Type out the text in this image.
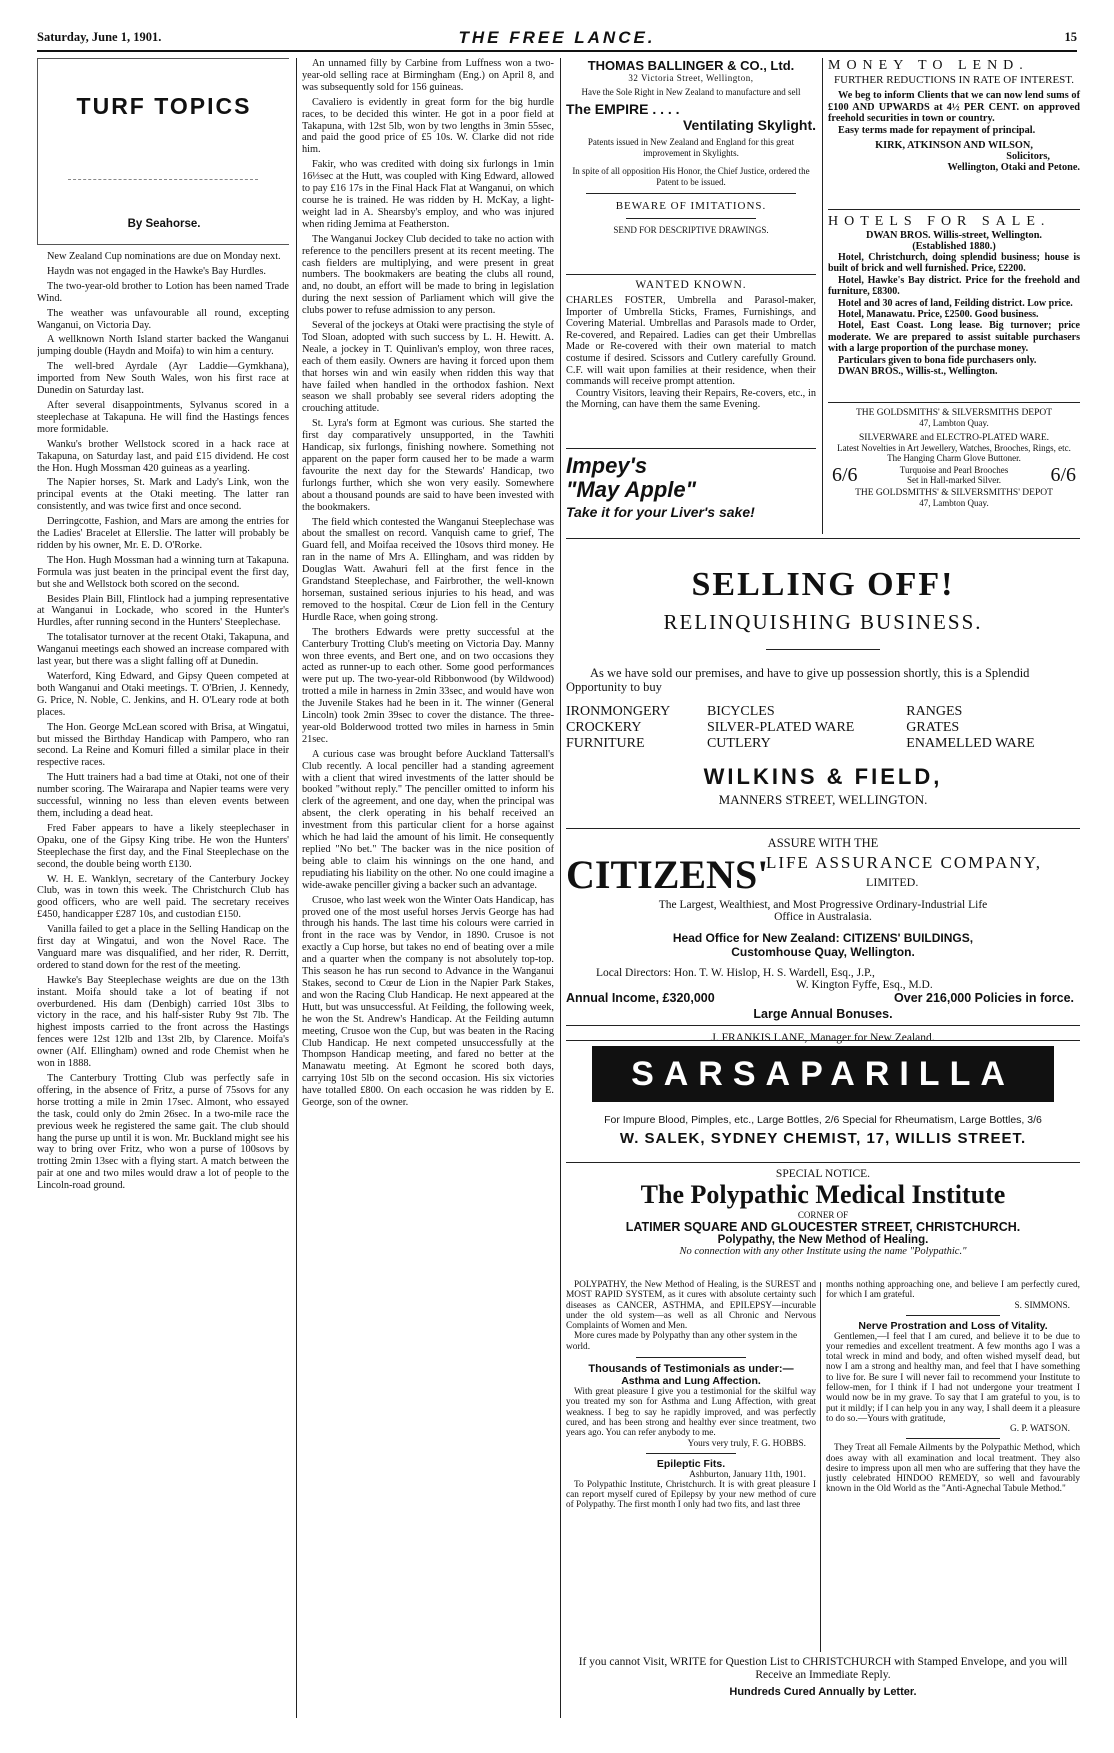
Saturday, June 1, 1901.	THE FREE LANCE.	15
TURF TOPICS
By Seahorse.

New Zealand Cup nominations are due on Monday next.

Haydn was not engaged in the Hawke's Bay Hurdles.

The two-year-old brother to Lotion has been named Trade Wind.

The weather was unfavourable all round, excepting Wanganui, on Victoria Day.

A wellknown North Island starter backed the Wanganui jumping double (Haydn and Moifa) to win him a century.

The well-bred Ayrdale (Ayr Laddie—Gymkhana), imported from New South Wales, won his first race at Dunedin on Saturday last.

After several disappointments, Sylvanus scored in a steeplechase at Takapuna. He will find the Hastings fences more formidable.

Wanku's brother Wellstock scored in a hack race at Takapuna, on Saturday last, and paid £15 dividend. He cost the Hon. Hugh Mossman 420 guineas as a yearling.

The Napier horses, St. Mark and Lady's Link, won the principal events at the Otaki meeting. The latter ran consistently, and was twice first and once second.

Derringcotte, Fashion, and Mars are among the entries for the Ladies' Bracelet at Ellerslie. The latter will probably be ridden by his owner, Mr. E. D. O'Rorke.

The Hon. Hugh Mossman had a winning turn at Takapuna. Formula was just beaten in the principal event the first day, but she and Wellstock both scored on the second.

Besides Plain Bill, Flintlock had a jumping representative at Wanganui in Lockade, who scored in the Hunter's Hurdles, after running second in the Hunters' Steeplechase.

The totalisator turnover at the recent Otaki, Takapuna, and Wanganui meetings each showed an increase compared with last year, but there was a slight falling off at Dunedin.

Waterford, King Edward, and Gipsy Queen competed at both Wanganui and Otaki meetings. T. O'Brien, J. Kennedy, G. Price, N. Noble, C. Jenkins, and H. O'Leary rode at both places.

The Hon. George McLean scored with Brisa, at Wingatui, but missed the Birthday Handicap with Pampero, who ran second. La Reine and Komuri filled a similar place in their respective races.

The Hutt trainers had a bad time at Otaki, not one of their number scoring. The Wairarapa and Napier teams were very successful, winning no less than eleven events between them, including a dead heat.

Fred Faber appears to have a likely steeplechaser in Opaku, one of the Gipsy King tribe. He won the Hunters' Steeplechase the first day, and the Final Steeplechase on the second, the double being worth £130.

W. H. E. Wanklyn, secretary of the Canterbury Jockey Club, was in town this week. The Christchurch Club has good officers, who are well paid. The secretary receives £450, handicapper £287 10s, and custodian £150.

Vanilla failed to get a place in the Selling Handicap on the first day at Wingatui, and won the Novel Race. The Vanguard mare was disqualified, and her rider, R. Derritt, ordered to stand down for the rest of the meeting.

Hawke's Bay Steeplechase weights are due on the 13th instant. Moifa should take a lot of beating if not overburdened. His dam (Denbigh) carried 10st 3lbs to victory in the race, and his half-sister Ruby 9st 7lb. The highest imposts carried to the front across the Hastings fences were 12st 12lb and 13st 2lb, by Clarence. Moifa's owner (Alf. Ellingham) owned and rode Chemist when he won in 1888.

The Canterbury Trotting Club was perfectly safe in offering, in the absence of Fritz, a purse of 75sovs for any horse trotting a mile in 2min 17sec. Almont, who essayed the task, could only do 2min 26sec. In a two-mile race the previous week he registered the same gait. The club should hang the purse up until it is won. Mr. Buckland might see his way to bring over Fritz, who won a purse of 100sovs by trotting 2min 13sec with a flying start. A match between the pair at one and two miles would draw a lot of people to the Lincoln-road ground.

An unnamed filly by Carbine from Luffness won a two-year-old selling race at Birmingham (Eng.) on April 8, and was subsequently sold for 156 guineas.

Cavaliero is evidently in great form for the big hurdle races, to be decided this winter. He got in a poor field at Takapuna, with 12st 5lb, won by two lengths in 3min 55sec, and paid the good price of £5 10s. W. Clarke did not ride him.

Fakir, who was credited with doing six furlongs in 1min 16⅓sec at the Hutt, was coupled with King Edward, allowed to pay £16 17s in the Final Hack Flat at Wanganui, on which course he is trained. He was ridden by H. McKay, a light-weight lad in A. Shearsby's employ, and who was injured when riding Jemima at Featherston.

The Wanganui Jockey Club decided to take no action with reference to the pencillers present at its recent meeting. The cash fielders are multiplying, and were present in great numbers. The bookmakers are beating the clubs all round, and, no doubt, an effort will be made to bring in legislation during the next session of Parliament which will give the clubs power to refuse admission to any person.

Several of the jockeys at Otaki were practising the style of Tod Sloan, adopted with such success by L. H. Hewitt. A. Neale, a jockey in T. Quinlivan's employ, won three races, each of them easily. Owners are having it forced upon them that horses win and win easily when ridden this way that have failed when handled in the orthodox fashion. Next season we shall probably see several riders adopting the crouching attitude.

St. Lyra's form at Egmont was curious. She started the first day comparatively unsupported, in the Tawhiti Handicap, six furlongs, finishing nowhere. Something not apparent on the paper form caused her to be made a warm favourite the next day for the Stewards' Handicap, two furlongs further, which she won very easily. Somewhere about a thousand pounds are said to have been invested with the bookmakers.

The field which contested the Wanganui Steeplechase was about the smallest on record. Vanquish came to grief, The Guard fell, and Moifaa received the 10sovs third money. He ran in the name of Mrs A. Ellingham, and was ridden by Douglas Watt. Awahuri fell at the first fence in the Grandstand Steeplechase, and Fairbrother, the well-known horseman, sustained serious injuries to his head, and was removed to the hospital. Cœur de Lion fell in the Century Hurdle Race, when going strong.

The brothers Edwards were pretty successful at the Canterbury Trotting Club's meeting on Victoria Day. Manny won three events, and Bert one, and on two occasions they acted as runner-up to each other. Some good performances were put up. The two-year-old Ribbonwood (by Wildwood) trotted a mile in harness in 2min 33sec, and would have won the Juvenile Stakes had he been in it. The winner (General Lincoln) took 2min 39sec to cover the distance. The three-year-old Bolderwood trotted two miles in harness in 5min 21sec.

A curious case was brought before Auckland Tattersall's Club recently. A local penciller had a standing agreement with a client that wired investments of the latter should be booked "without reply." The penciller omitted to inform his clerk of the agreement, and one day, when the principal was absent, the clerk operating in his behalf received an investment from this particular client for a horse against which he had laid the amount of his limit. He consequently replied "No bet." The backer was in the nice position of being able to claim his winnings on the one hand, and repudiating his liability on the other. No one could imagine a wide-awake penciller giving a backer such an advantage.

Crusoe, who last week won the Winter Oats Handicap, has proved one of the most useful horses Jervis George has had through his hands. The last time his colours were carried in front in the race was by Vendor, in 1890. Crusoe is not exactly a Cup horse, but takes no end of beating over a mile and a quarter when the company is not absolutely top-top. This season he has run second to Advance in the Wanganui Stakes, second to Cœur de Lion in the Napier Park Stakes, and won the Racing Club Handicap. He next appeared at the Hutt, but was unsuccessful. At Feilding, the following week, he won the St. Andrew's Handicap. At the Feilding autumn meeting, Crusoe won the Cup, but was beaten in the Racing Club Handicap. He next competed unsuccessfully at the Thompson Handicap meeting, and fared no better at the Manawatu meeting. At Egmont he scored both days, carrying 10st 5lb on the second occasion. His six victories have totalled £800. On each occasion he was ridden by E. George, son of the owner.

THOMAS BALLINGER & CO., Ltd.
32 Victoria Street, Wellington,
Have the Sole Right in New Zealand to manufacture and sell
The EMPIRE . . . .
Ventilating Skylight.
Patents issued in New Zealand and England for this great improvement in Skylights.
In spite of all opposition His Honor, the Chief Justice, ordered the Patent to be issued.
BEWARE OF IMITATIONS.
SEND FOR DESCRIPTIVE DRAWINGS.
WANTED KNOWN.
CHARLES FOSTER, Umbrella and Parasol-maker, Importer of Umbrella Sticks, Frames, Furnishings, and Covering Material. Umbrellas and Parasols made to Order, Re-covered, and Repaired. Ladies can get their Umbrellas Made or Re-covered with their own material to match costume if desired. Scissors and Cutlery carefully Ground. C.F. will wait upon families at their residence, when their commands will receive prompt attention.
Country Visitors, leaving their Repairs, Re-covers, etc., in the Morning, can have them the same Evening.
Impey's
"May Apple"
Take it for your Liver's sake!
MONEY TO LEND.
FURTHER REDUCTIONS IN RATE OF INTEREST.
We beg to inform Clients that we can now lend sums of £100 AND UPWARDS at 4½ PER CENT. on approved freehold securities in town or country.
Easy terms made for repayment of principal.
KIRK, ATKINSON AND WILSON,
Solicitors,
Wellington, Otaki and Petone.
HOTELS FOR SALE.
DWAN BROS. Willis-street, Wellington.
(Established 1880.)
Hotel, Christchurch, doing splendid business; house is built of brick and well furnished. Price, £2200.
Hotel, Hawke's Bay district. Price for the freehold and furniture, £8300.
Hotel and 30 acres of land, Feilding district. Low price.
Hotel, Manawatu. Price, £2500. Good business.
Hotel, East Coast. Long lease. Big turnover; price moderate. We are prepared to assist suitable purchasers with a large proportion of the purchase money.
Particulars given to bona fide purchasers only.
DWAN BROS., Willis-st., Wellington.
THE GOLDSMITHS' & SILVERSMITHS DEPOT
47, Lambton Quay.
SILVERWARE and ELECTRO-PLATED WARE.
Latest Novelties in Art Jewellery, Watches, Brooches, Rings, etc.
The Hanging Charm Glove Buttoner.
6/6	Turquoise and Pearl Brooches
Set in Hall-marked Silver.	6/6
THE GOLDSMITHS' & SILVERSMITHS' DEPOT
47, Lambton Quay.
SELLING OFF!
RELINQUISHING BUSINESS.
As we have sold our premises, and have to give up possession shortly, this is a Splendid Opportunity to buy
IRONMONGERY	BICYCLES	RANGES
CROCKERY	SILVER-PLATED WARE	GRATES
FURNITURE	CUTLERY	ENAMELLED WARE
WILKINS & FIELD,
MANNERS STREET, WELLINGTON.
ASSURE WITH THE
CITIZENS'
LIFE ASSURANCE COMPANY,
LIMITED.
The Largest, Wealthiest, and Most Progressive Ordinary-Industrial Life Office in Australasia.
Head Office for New Zealand: CITIZENS' BUILDINGS, Customhouse Quay, Wellington.
Local Directors: Hon. T. W. Hislop, H. S. Wardell, Esq., J.P.,
W. Kington Fyffe, Esq., M.D.
Annual Income, £320,000	Over 216,000 Policies in force.
Large Annual Bonuses.
J. FRANKIS LANE, Manager for New Zealand.
SARSAPARILLA
For Impure Blood, Pimples, etc., Large Bottles, 2/6 Special for Rheumatism, Large Bottles, 3/6
W. SALEK, SYDNEY CHEMIST, 17, WILLIS STREET.
SPECIAL NOTICE.
The Polypathic Medical Institute
CORNER OF
LATIMER SQUARE AND GLOUCESTER STREET, CHRISTCHURCH.
Polypathy, the New Method of Healing.
No connection with any other Institute using the name "Polypathic."
POLYPATHY, the New Method of Healing, is the SUREST and MOST RAPID SYSTEM, as it cures with absolute certainty such diseases as CANCER, ASTHMA, and EPILEPSY—incurable under the old system—as well as all Chronic and Nervous Complaints of Women and Men.
More cures made by Polypathy than any other system in the world.
Thousands of Testimonials as under:—
Asthma and Lung Affection.
With great pleasure I give you a testimonial for the skilful way you treated my son for Asthma and Lung Affection, with great weakness. I beg to say he rapidly improved, and was perfectly cured, and has been strong and healthy ever since treatment, two years ago. You can refer anybody to me.
Yours very truly, F. G. HOBBS.
Epileptic Fits.
Ashburton, January 11th, 1901.
To Polypathic Institute, Christchurch. It is with great pleasure I can report myself cured of Epilepsy by your new method of cure of Polypathy. The first month I only had two fits, and last three
months nothing approaching one, and believe I am perfectly cured, for which I am grateful.
S. SIMMONS.
Nerve Prostration and Loss of Vitality.
Gentlemen,—I feel that I am cured, and believe it to be due to your remedies and excellent treatment. A few months ago I was a total wreck in mind and body, and often wished myself dead, but now I am a strong and healthy man, and feel that I have something to live for. Be sure I will never fail to recommend your Institute to fellow-men, for I think if I had not undergone your treatment I would now be in my grave. To say that I am grateful to you, is to put it mildly; if I can help you in any way, I shall deem it a pleasure to do so.—Yours with gratitude,
G. P. WATSON.
They Treat all Female Ailments by the Polypathic Method, which does away with all examination and local treatment. They also desire to impress upon all men who are suffering that they have the justly celebrated HINDOO REMEDY, so well and favourably known in the Old World as the "Anti-Agnechal Tabule Method."
If you cannot Visit, WRITE for Question List to CHRISTCHURCH with Stamped Envelope, and you will Receive an Immediate Reply.
Hundreds Cured Annually by Letter.
